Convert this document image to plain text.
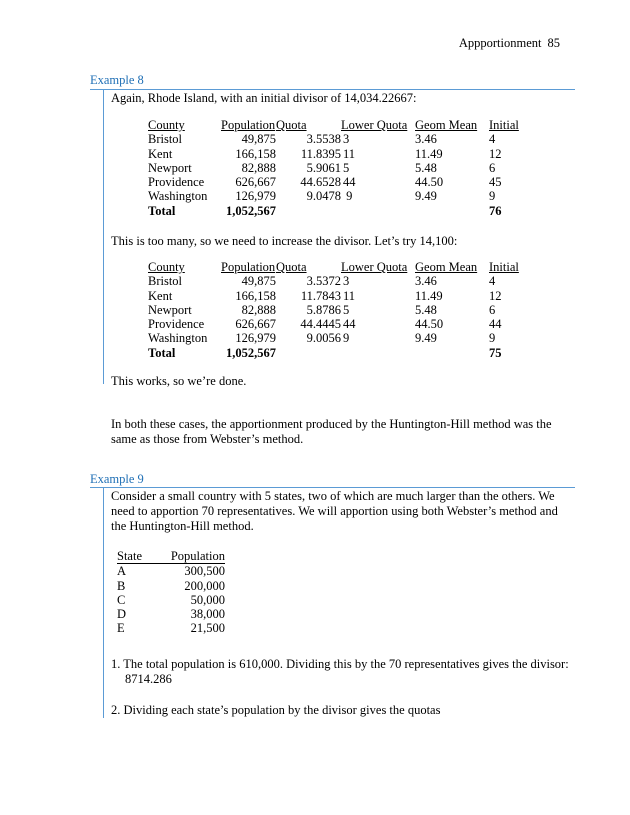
Appportionment 85
Example 8
Again, Rhode Island, with an initial divisor of 14,034.22667:
County	Population	Quota	Lower Quota	Geom Mean	Initial
Bristol	49,875	3.5538	3	3.46	4
Kent	166,158	11.8395	11	11.49	12
Newport	82,888	5.9061	5	5.48	6
Providence	626,667	44.6528	44	44.50	45
Washington	126,979	9.0478	9	9.49	9
Total	1,052,567				76
This is too many, so we need to increase the divisor. Let’s try 14,100:
County	Population	Quota	Lower Quota	Geom Mean	Initial
Bristol	49,875	3.5372	3	3.46	4
Kent	166,158	11.7843	11	11.49	12
Newport	82,888	5.8786	5	5.48	6
Providence	626,667	44.4445	44	44.50	44
Washington	126,979	9.0056	9	9.49	9
Total	1,052,567				75
This works, so we’re done.
In both these cases, the apportionment produced by the Huntington-Hill method was the
same as those from Webster’s method.
Example 9
Consider a small country with 5 states, two of which are much larger than the others. We
need to apportion 70 representatives. We will apportion using both Webster’s method and
the Huntington-Hill method.
State	Population
A	300,500
B	200,000
C	50,000
D	38,000
E	21,500
1. The total population is 610,000. Dividing this by the 70 representatives gives the divisor:
8714.286
2. Dividing each state’s population by the divisor gives the quotas
